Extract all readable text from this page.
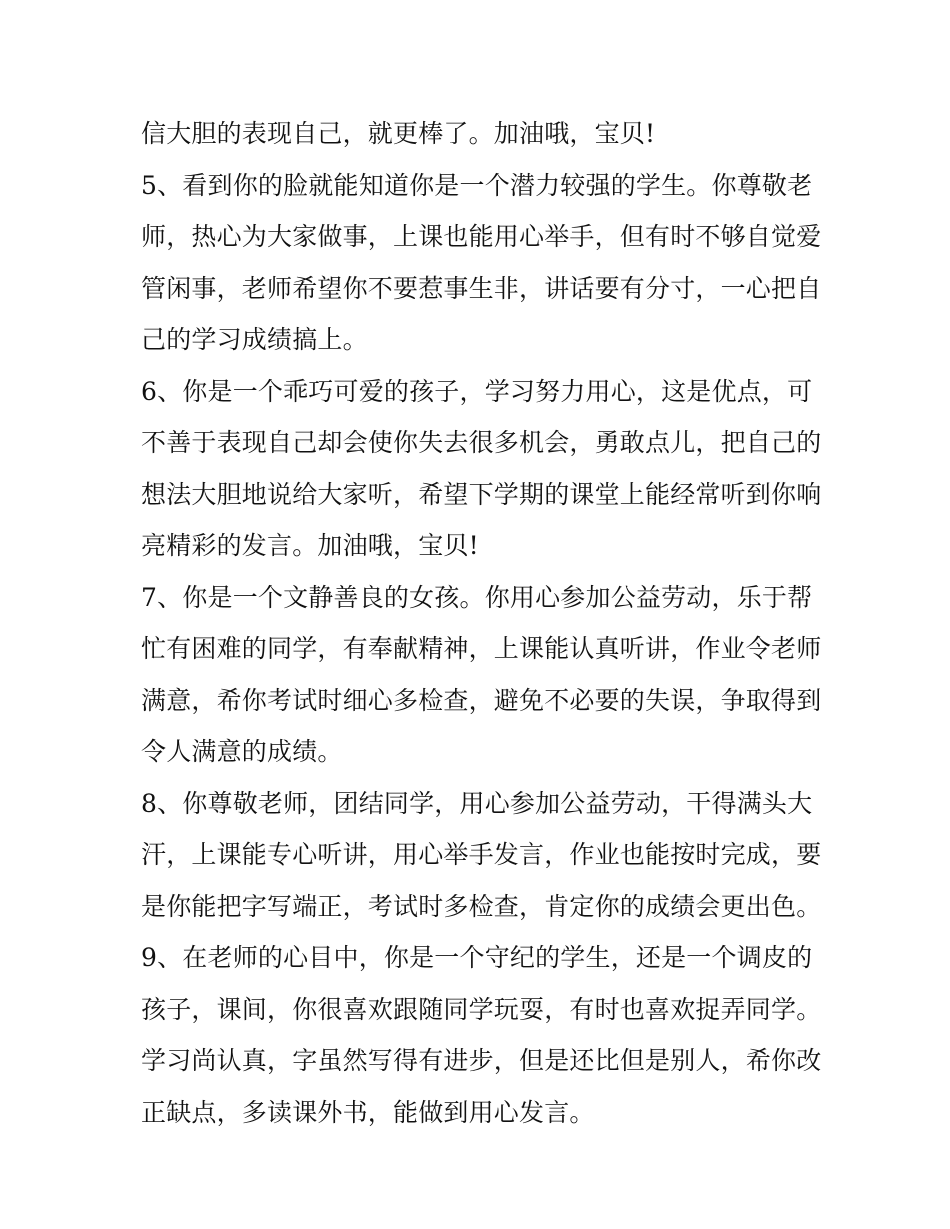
信大胆的表现自己，就更棒了。加油哦，宝贝!
5、看到你的脸就能知道你是一个潜力较强的学生。你尊敬老
师，热心为大家做事，上课也能用心举手，但有时不够自觉爱
管闲事，老师希望你不要惹事生非，讲话要有分寸，一心把自
己的学习成绩搞上。
6、你是一个乖巧可爱的孩子，学习努力用心，这是优点，可
不善于表现自己却会使你失去很多机会，勇敢点儿，把自己的
想法大胆地说给大家听，希望下学期的课堂上能经常听到你响
亮精彩的发言。加油哦，宝贝!
7、你是一个文静善良的女孩。你用心参加公益劳动，乐于帮
忙有困难的同学，有奉献精神，上课能认真听讲，作业令老师
满意，希你考试时细心多检查，避免不必要的失误，争取得到
令人满意的成绩。
8、你尊敬老师，团结同学，用心参加公益劳动，干得满头大
汗，上课能专心听讲，用心举手发言，作业也能按时完成，要
是你能把字写端正，考试时多检查，肯定你的成绩会更出色。
9、在老师的心目中，你是一个守纪的学生，还是一个调皮的
孩子，课间，你很喜欢跟随同学玩耍，有时也喜欢捉弄同学。
学习尚认真，字虽然写得有进步，但是还比但是别人，希你改
正缺点，多读课外书，能做到用心发言。
